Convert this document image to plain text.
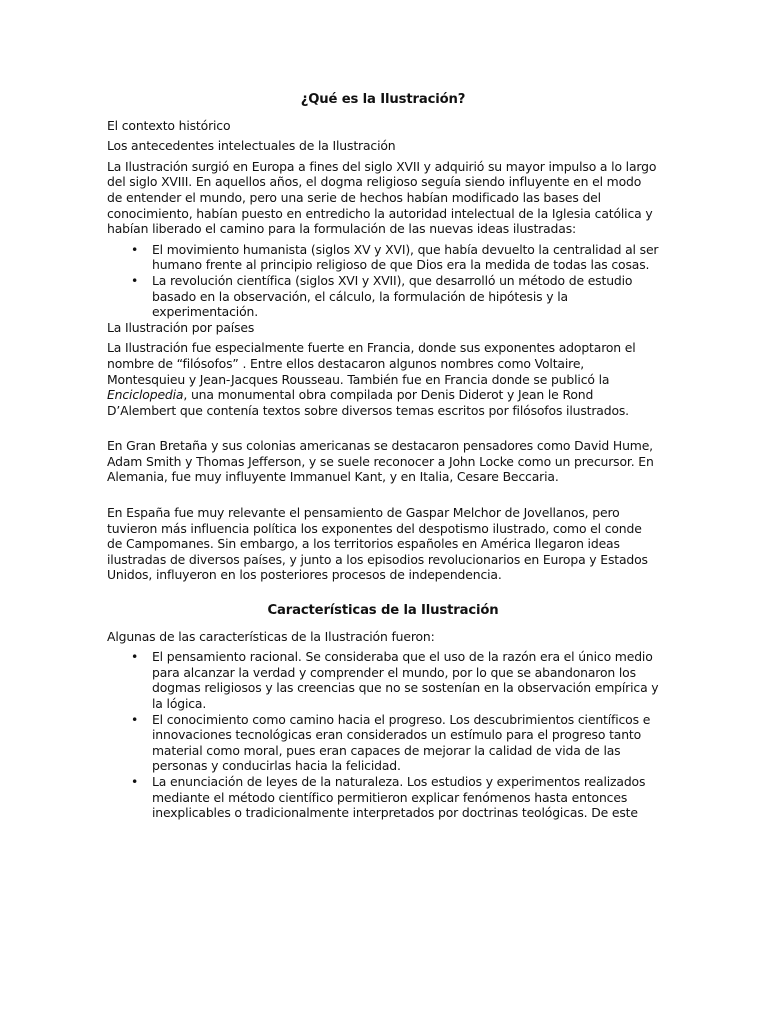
¿Qué es la Ilustración?
El contexto histórico
Los antecedentes intelectuales de la Ilustración
La Ilustración surgió en Europa a fines del siglo XVII y adquirió su mayor impulso a lo largo del siglo XVIII. En aquellos años, el dogma religioso seguía siendo influyente en el modo de entender el mundo, pero una serie de hechos habían modificado las bases del conocimiento, habían puesto en entredicho la autoridad intelectual de la Iglesia católica y habían liberado el camino para la formulación de las nuevas ideas ilustradas:
• El movimiento humanista (siglos XV y XVI), que había devuelto la centralidad al ser humano frente al principio religioso de que Dios era la medida de todas las cosas.
• La revolución científica (siglos XVI y XVII), que desarrolló un método de estudio basado en la observación, el cálculo, la formulación de hipótesis y la experimentación.
La Ilustración por países
La Ilustración fue especialmente fuerte en Francia, donde sus exponentes adoptaron el nombre de “filósofos” . Entre ellos destacaron algunos nombres como Voltaire, Montesquieu y Jean-Jacques Rousseau. También fue en Francia donde se publicó la Enciclopedia, una monumental obra compilada por Denis Diderot y Jean le Rond D’Alembert que contenía textos sobre diversos temas escritos por filósofos ilustrados.
En Gran Bretaña y sus colonias americanas se destacaron pensadores como David Hume, Adam Smith y Thomas Jefferson, y se suele reconocer a John Locke como un precursor. En Alemania, fue muy influyente Immanuel Kant, y en Italia, Cesare Beccaria.
En España fue muy relevante el pensamiento de Gaspar Melchor de Jovellanos, pero tuvieron más influencia política los exponentes del despotismo ilustrado, como el conde de Campomanes. Sin embargo, a los territorios españoles en América llegaron ideas ilustradas de diversos países, y junto a los episodios revolucionarios en Europa y Estados Unidos, influyeron en los posteriores procesos de independencia.
Características de la Ilustración
Algunas de las características de la Ilustración fueron:
• El pensamiento racional. Se consideraba que el uso de la razón era el único medio para alcanzar la verdad y comprender el mundo, por lo que se abandonaron los dogmas religiosos y las creencias que no se sostenían en la observación empírica y la lógica.
• El conocimiento como camino hacia el progreso. Los descubrimientos científicos e innovaciones tecnológicas eran considerados un estímulo para el progreso tanto material como moral, pues eran capaces de mejorar la calidad de vida de las personas y conducirlas hacia la felicidad.
• La enunciación de leyes de la naturaleza. Los estudios y experimentos realizados mediante el método científico permitieron explicar fenómenos hasta entonces inexplicables o tradicionalmente interpretados por doctrinas teológicas. De este
